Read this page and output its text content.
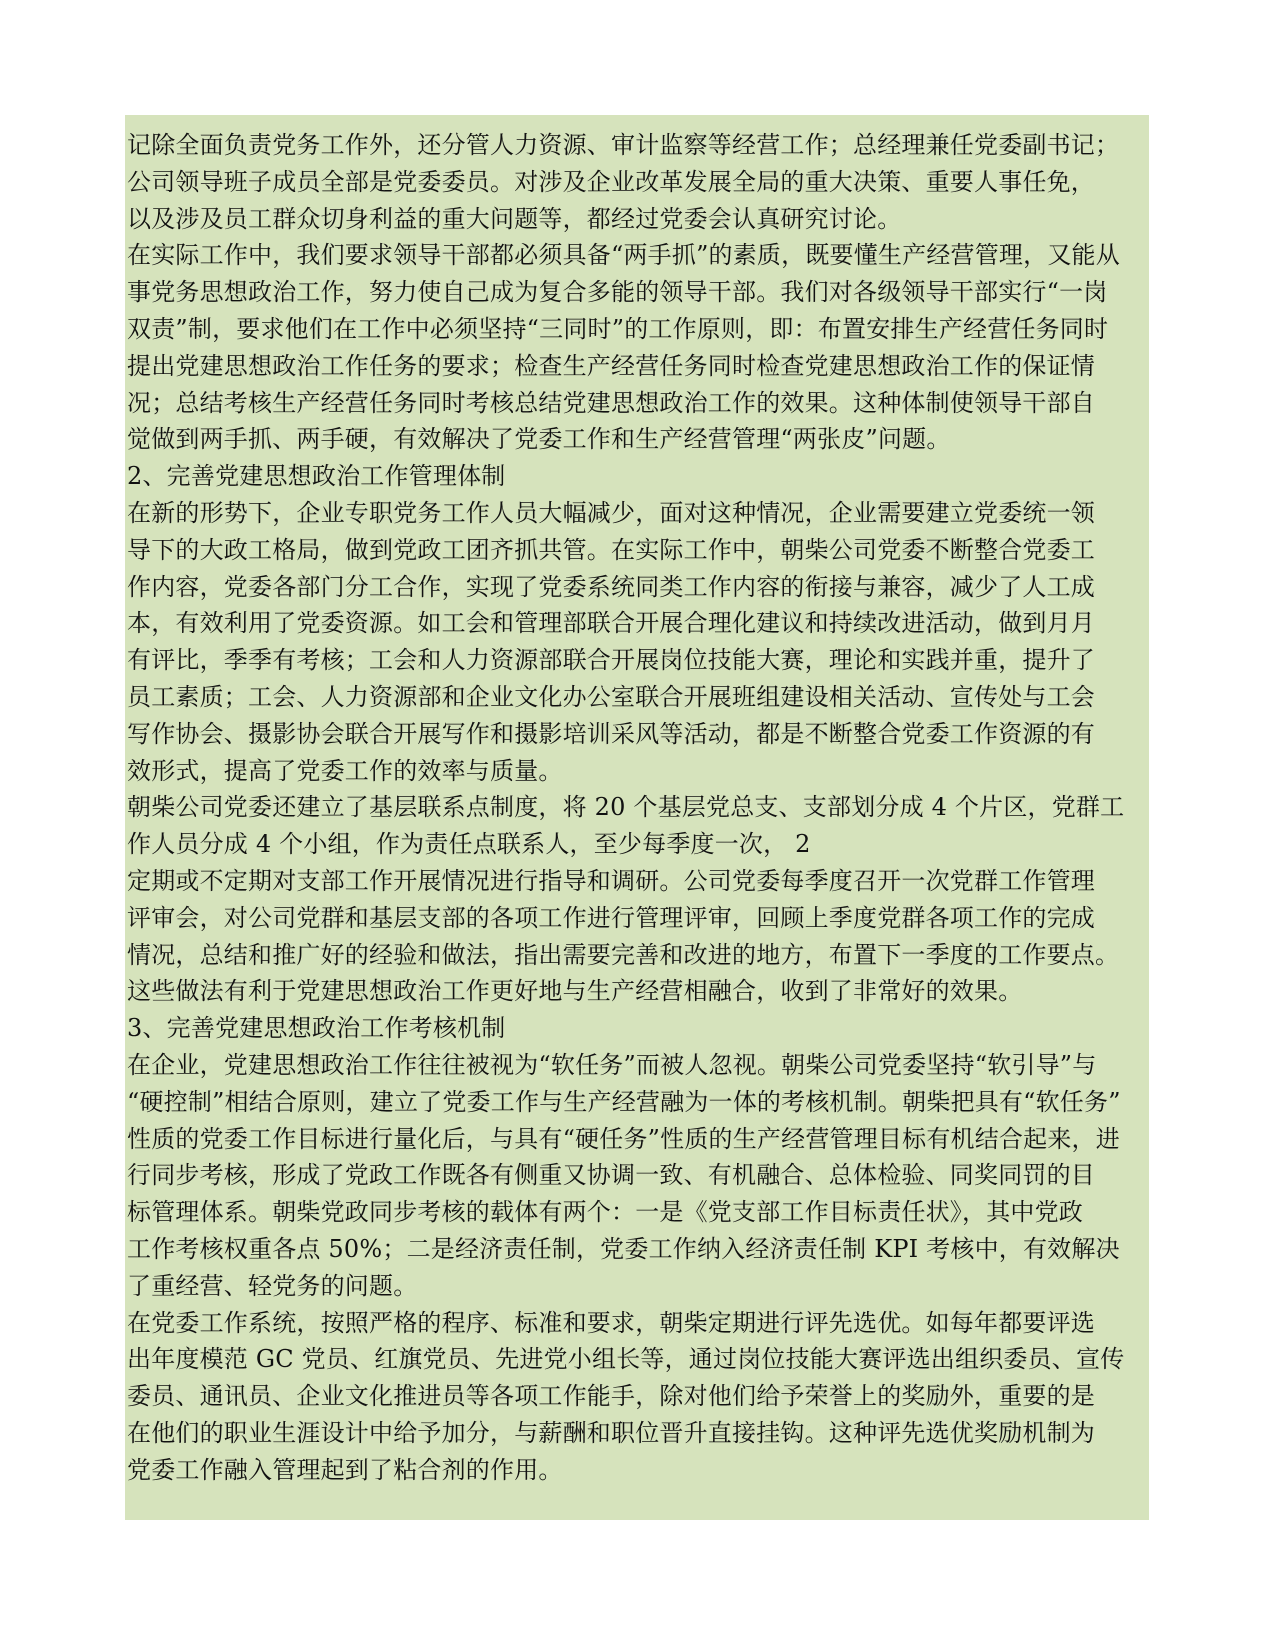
记除全面负责党务工作外，还分管人力资源、审计监察等经营工作；总经理兼任党委副书记；
公司领导班子成员全部是党委委员。对涉及企业改革发展全局的重大决策、重要人事任免，
以及涉及员工群众切身利益的重大问题等，都经过党委会认真研究讨论。
在实际工作中，我们要求领导干部都必须具备“两手抓”的素质，既要懂生产经营管理，又能从
事党务思想政治工作，努力使自己成为复合多能的领导干部。我们对各级领导干部实行“一岗
双责”制，要求他们在工作中必须坚持“三同时”的工作原则，即：布置安排生产经营任务同时
提出党建思想政治工作任务的要求；检查生产经营任务同时检查党建思想政治工作的保证情
况；总结考核生产经营任务同时考核总结党建思想政治工作的效果。这种体制使领导干部自
觉做到两手抓、两手硬，有效解决了党委工作和生产经营管理“两张皮”问题。
2、完善党建思想政治工作管理体制
在新的形势下，企业专职党务工作人员大幅减少，面对这种情况，企业需要建立党委统一领
导下的大政工格局，做到党政工团齐抓共管。在实际工作中，朝柴公司党委不断整合党委工
作内容，党委各部门分工合作，实现了党委系统同类工作内容的衔接与兼容，减少了人工成
本，有效利用了党委资源。如工会和管理部联合开展合理化建议和持续改进活动，做到月月
有评比，季季有考核；工会和人力资源部联合开展岗位技能大赛，理论和实践并重，提升了
员工素质；工会、人力资源部和企业文化办公室联合开展班组建设相关活动、宣传处与工会
写作协会、摄影协会联合开展写作和摄影培训采风等活动，都是不断整合党委工作资源的有
效形式，提高了党委工作的效率与质量。
朝柴公司党委还建立了基层联系点制度，将 20 个基层党总支、支部划分成 4 个片区，党群工
作人员分成 4 个小组，作为责任点联系人，至少每季度一次， 2
定期或不定期对支部工作开展情况进行指导和调研。公司党委每季度召开一次党群工作管理
评审会，对公司党群和基层支部的各项工作进行管理评审，回顾上季度党群各项工作的完成
情况，总结和推广好的经验和做法，指出需要完善和改进的地方，布置下一季度的工作要点。
这些做法有利于党建思想政治工作更好地与生产经营相融合，收到了非常好的效果。
3、完善党建思想政治工作考核机制
在企业，党建思想政治工作往往被视为“软任务”而被人忽视。朝柴公司党委坚持“软引导”与
“硬控制”相结合原则，建立了党委工作与生产经营融为一体的考核机制。朝柴把具有“软任务”
性质的党委工作目标进行量化后，与具有“硬任务”性质的生产经营管理目标有机结合起来，进
行同步考核，形成了党政工作既各有侧重又协调一致、有机融合、总体检验、同奖同罚的目
标管理体系。朝柴党政同步考核的载体有两个：一是《党支部工作目标责任状》，其中党政
工作考核权重各点 50%；二是经济责任制，党委工作纳入经济责任制 KPI 考核中，有效解决
了重经营、轻党务的问题。
在党委工作系统，按照严格的程序、标准和要求，朝柴定期进行评先选优。如每年都要评选
出年度模范 GC 党员、红旗党员、先进党小组长等，通过岗位技能大赛评选出组织委员、宣传
委员、通讯员、企业文化推进员等各项工作能手，除对他们给予荣誉上的奖励外，重要的是
在他们的职业生涯设计中给予加分，与薪酬和职位晋升直接挂钩。这种评先选优奖励机制为
党委工作融入管理起到了粘合剂的作用。
